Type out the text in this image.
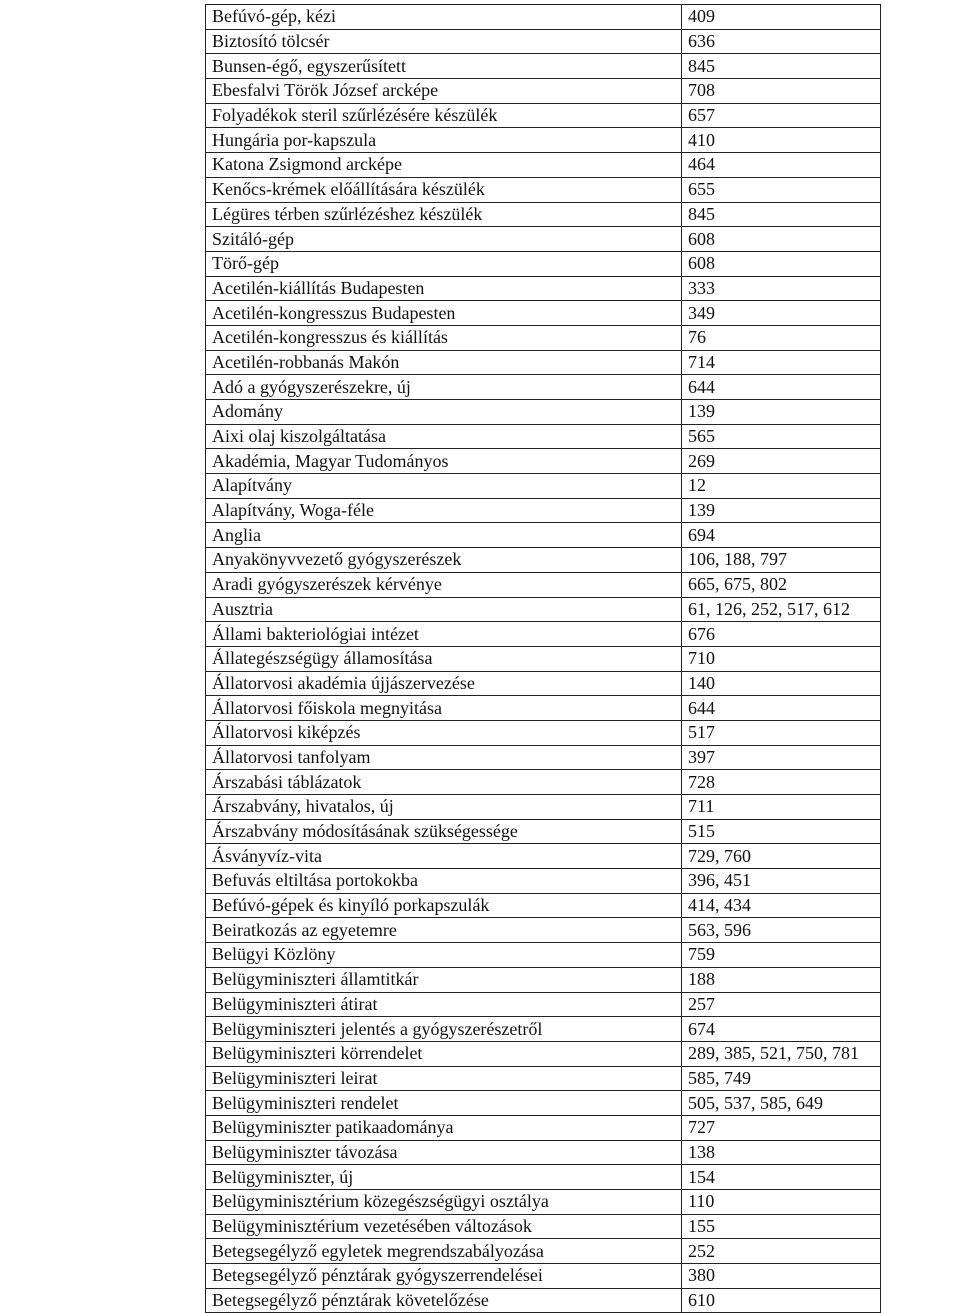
Befúvó-gép, kézi	409
Biztosító tölcsér	636
Bunsen-égő, egyszerűsített	845
Ebesfalvi Török József arcképe	708
Folyadékok steril szűrlézésére készülék	657
Hungária por-kapszula	410
Katona Zsigmond arcképe	464
Kenőcs-krémek előállítására készülék	655
Légüres térben szűrlézéshez készülék	845
Szitáló-gép	608
Törő-gép	608
Acetilén-kiállítás Budapesten	333
Acetilén-kongresszus Budapesten	349
Acetilén-kongresszus és kiállítás	76
Acetilén-robbanás Makón	714
Adó a gyógyszerészekre, új	644
Adomány	139
Aixi olaj kiszolgáltatása	565
Akadémia, Magyar Tudományos	269
Alapítvány	12
Alapítvány, Woga-féle	139
Anglia	694
Anyakönyvvezető gyógyszerészek	106, 188, 797
Aradi gyógyszerészek kérvénye	665, 675, 802
Ausztria	61, 126, 252, 517, 612
Állami bakteriológiai intézet	676
Állategészségügy államosítása	710
Állatorvosi akadémia újjászervezése	140
Állatorvosi főiskola megnyitása	644
Állatorvosi kiképzés	517
Állatorvosi tanfolyam	397
Árszabási táblázatok	728
Árszabvány, hivatalos, új	711
Árszabvány módosításának szükségessége	515
Ásványvíz-vita	729, 760
Befuvás eltiltása portokokba	396, 451
Befúvó-gépek és kinyíló porkapszulák	414, 434
Beiratkozás az egyetemre	563, 596
Belügyi Közlöny	759
Belügyminiszteri államtitkár	188
Belügyminiszteri átirat	257
Belügyminiszteri jelentés a gyógyszerészetről	674
Belügyminiszteri körrendelet	289, 385, 521, 750, 781
Belügyminiszteri leirat	585, 749
Belügyminiszteri rendelet	505, 537, 585, 649
Belügyminiszter patikaadománya	727
Belügyminiszter távozása	138
Belügyminiszter, új	154
Belügyminisztérium közegészségügyi osztálya	110
Belügyminisztérium vezetésében változások	155
Betegsegélyző egyletek megrendszabályozása	252
Betegsegélyző pénztárak gyógyszerrendelései	380
Betegsegélyző pénztárak követelőzése	610
